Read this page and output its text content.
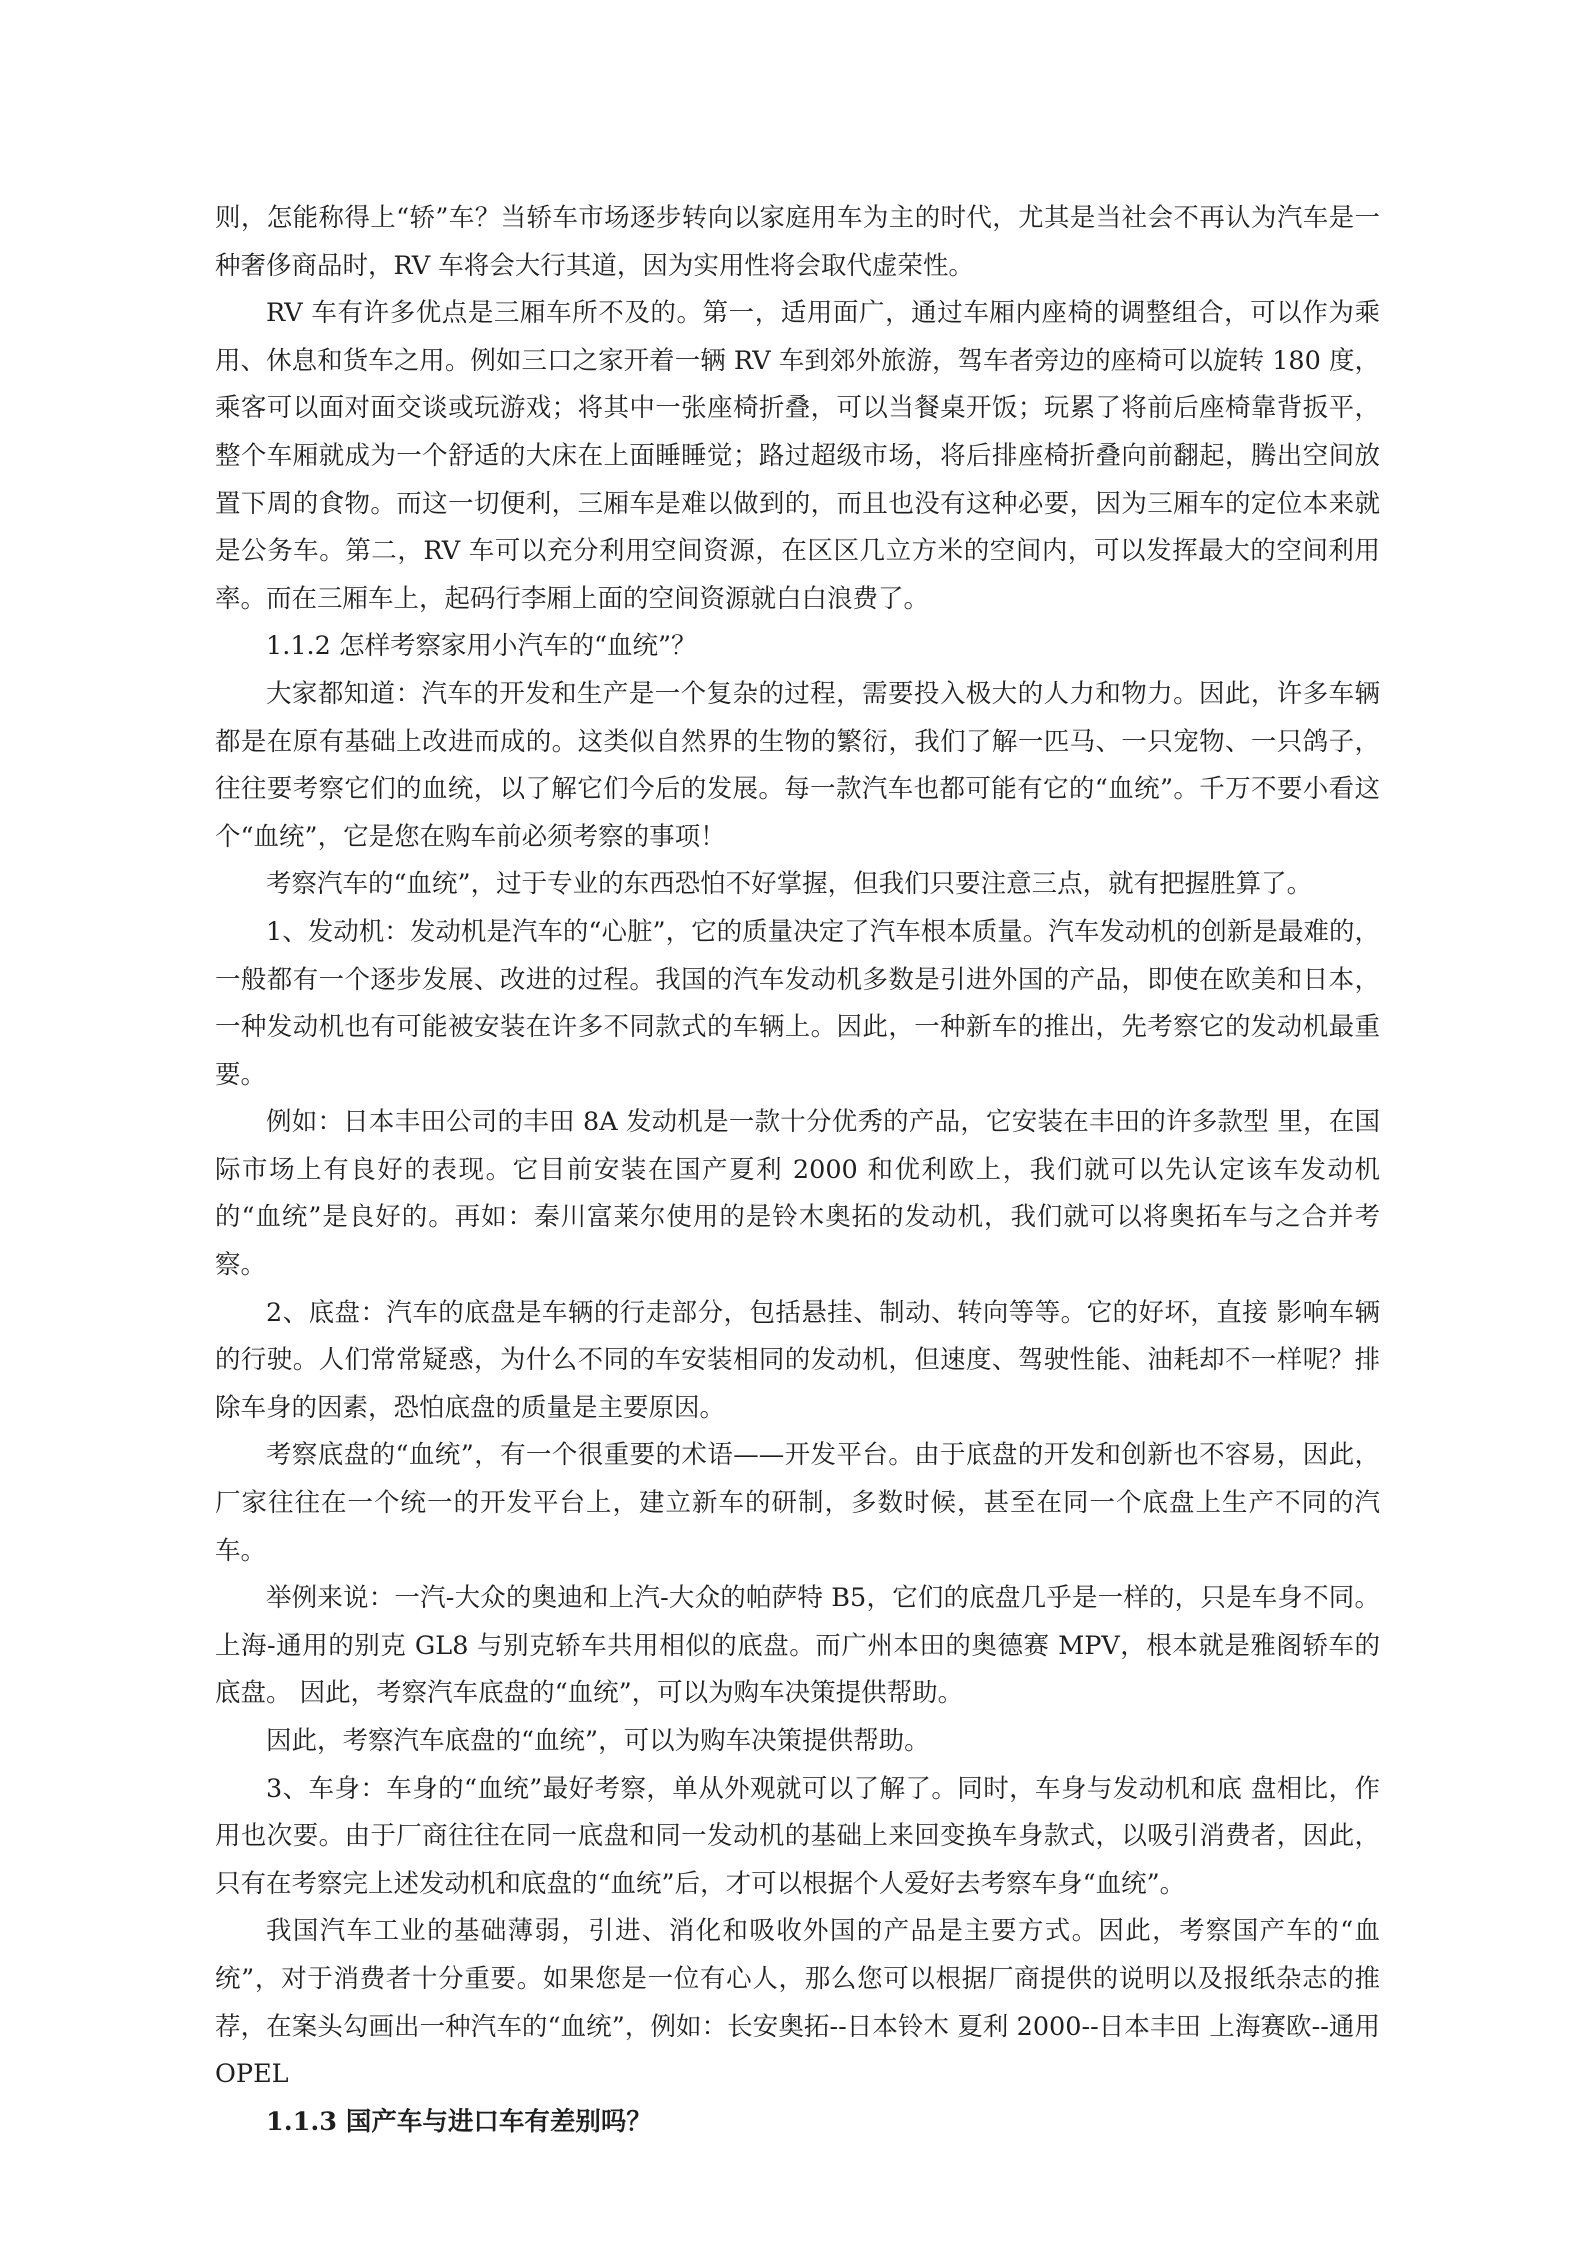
则，怎能称得上“轿”车？当轿车市场逐步转向以家庭用车为主的时代，尤其是当社会不再认为汽车是一种奢侈商品时，RV 车将会大行其道，因为实用性将会取代虚荣性。

RV 车有许多优点是三厢车所不及的。第一，适用面广，通过车厢内座椅的调整组合，可以作为乘用、休息和货车之用。例如三口之家开着一辆 RV 车到郊外旅游，驾车者旁边的座椅可以旋转 180 度，乘客可以面对面交谈或玩游戏；将其中一张座椅折叠，可以当餐桌开饭；玩累了将前后座椅靠背扳平，整个车厢就成为一个舒适的大床在上面睡睡觉；路过超级市场，将后排座椅折叠向前翻起，腾出空间放置下周的食物。而这一切便利，三厢车是难以做到的，而且也没有这种必要，因为三厢车的定位本来就是公务车。第二，RV 车可以充分利用空间资源，在区区几立方米的空间内，可以发挥最大的空间利用率。而在三厢车上，起码行李厢上面的空间资源就白白浪费了。

1.1.2 怎样考察家用小汽车的“血统”？

大家都知道：汽车的开发和生产是一个复杂的过程，需要投入极大的人力和物力。因此，许多车辆都是在原有基础上改进而成的。这类似自然界的生物的繁衍，我们了解一匹马、一只宠物、一只鸽子，往往要考察它们的血统，以了解它们今后的发展。每一款汽车也都可能有它的“血统”。千万不要小看这个“血统”，它是您在购车前必须考察的事项！

考察汽车的“血统”，过于专业的东西恐怕不好掌握，但我们只要注意三点，就有把握胜算了。

1、发动机：发动机是汽车的“心脏”，它的质量决定了汽车根本质量。汽车发动机的创新是最难的，一般都有一个逐步发展、改进的过程。我国的汽车发动机多数是引进外国的产品，即使在欧美和日本，一种发动机也有可能被安装在许多不同款式的车辆上。因此，一种新车的推出，先考察它的发动机最重要。

例如：日本丰田公司的丰田 8A 发动机是一款十分优秀的产品，它安装在丰田的许多款型 里，在国际市场上有良好的表现。它目前安装在国产夏利 2000 和优利欧上，我们就可以先认定该车发动机的“血统”是良好的。再如：秦川富莱尔使用的是铃木奥拓的发动机，我们就可以将奥拓车与之合并考察。

2、底盘：汽车的底盘是车辆的行走部分，包括悬挂、制动、转向等等。它的好坏，直接 影响车辆的行驶。人们常常疑惑，为什么不同的车安装相同的发动机，但速度、驾驶性能、油耗却不一样呢？排除车身的因素，恐怕底盘的质量是主要原因。

考察底盘的“血统”，有一个很重要的术语——开发平台。由于底盘的开发和创新也不容易，因此，厂家往往在一个统一的开发平台上，建立新车的研制，多数时候，甚至在同一个底盘上生产不同的汽车。

举例来说：一汽-大众的奥迪和上汽-大众的帕萨特 B5，它们的底盘几乎是一样的，只是车身不同。上海-通用的别克 GL8 与别克轿车共用相似的底盘。而广州本田的奥德赛 MPV，根本就是雅阁轿车的底盘。 因此，考察汽车底盘的“血统”，可以为购车决策提供帮助。

因此，考察汽车底盘的“血统”，可以为购车决策提供帮助。

3、车身：车身的“血统”最好考察，单从外观就可以了解了。同时，车身与发动机和底 盘相比，作用也次要。由于厂商往往在同一底盘和同一发动机的基础上来回变换车身款式，以吸引消费者，因此，只有在考察完上述发动机和底盘的“血统”后，才可以根据个人爱好去考察车身“血统”。

我国汽车工业的基础薄弱，引进、消化和吸收外国的产品是主要方式。因此，考察国产车的“血统”，对于消费者十分重要。如果您是一位有心人，那么您可以根据厂商提供的说明以及报纸杂志的推荐，在案头勾画出一种汽车的“血统”，例如：长安奥拓--日本铃木 夏利 2000--日本丰田 上海赛欧--通用 OPEL

1.1.3 国产车与进口车有差别吗？
